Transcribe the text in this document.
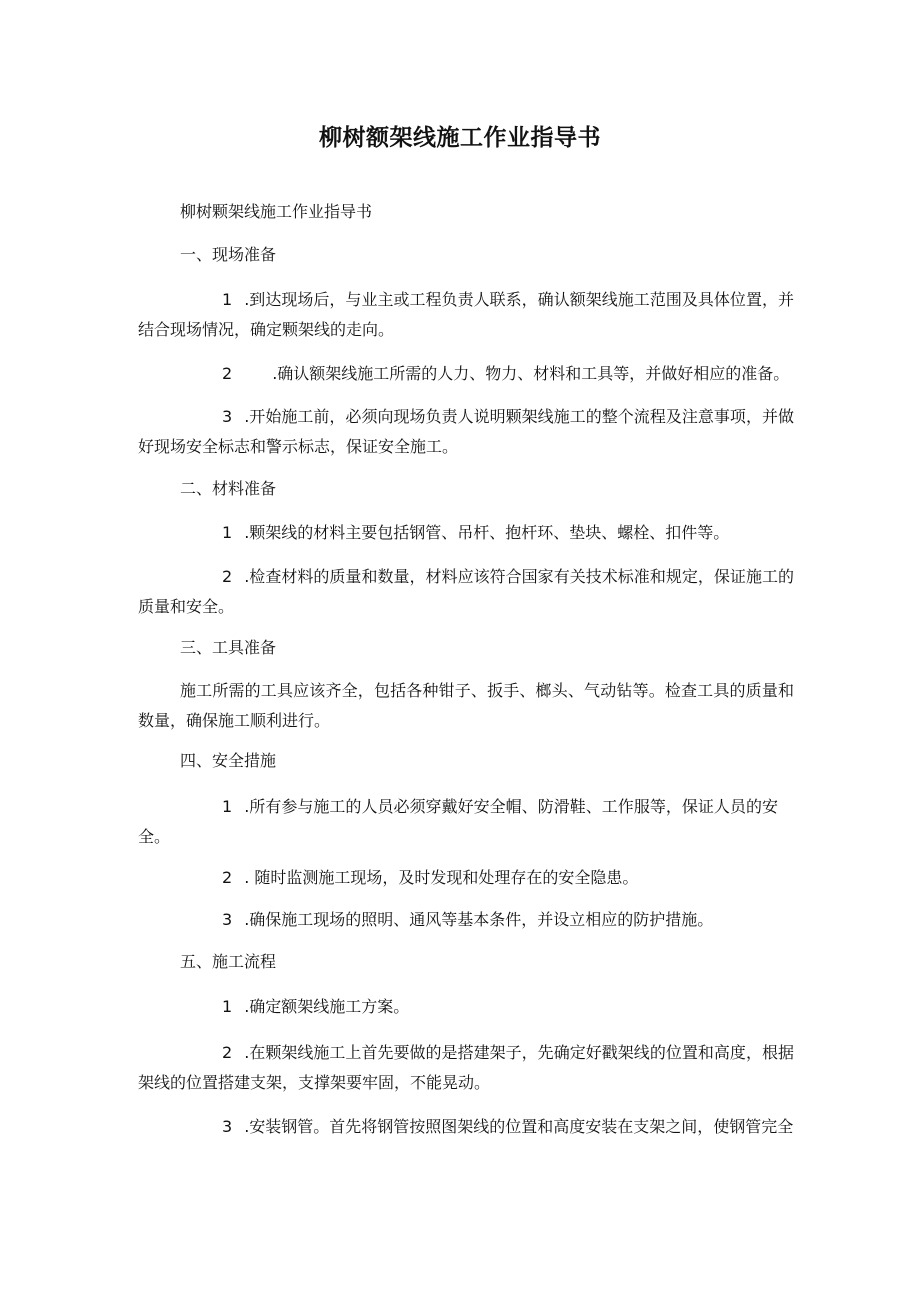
柳树额架线施工作业指导书
柳树颗架线施工作业指导书
一、现场准备
1 .到达现场后，与业主或工程负责人联系，确认额架线施工范围及具体位置，并结合现场情况，确定颗架线的走向。
2	.确认额架线施工所需的人力、物力、材料和工具等，并做好相应的准备。
3 .开始施工前，必须向现场负责人说明颗架线施工的整个流程及注意事项，并做好现场安全标志和警示标志，保证安全施工。
二、材料准备
1 .颗架线的材料主要包括钢管、吊杆、抱杆环、垫块、螺栓、扣件等。
2 .检查材料的质量和数量，材料应该符合国家有关技术标准和规定，保证施工的质量和安全。
三、工具准备
施工所需的工具应该齐全，包括各种钳子、扳手、榔头、气动钻等。检查工具的质量和数量，确保施工顺利进行。
四、安全措施
1 .所有参与施工的人员必须穿戴好安全帽、防滑鞋、工作服等，保证人员的安全。
2 . 随时监测施工现场，及时发现和处理存在的安全隐患。
3 .确保施工现场的照明、通风等基本条件，并设立相应的防护措施。
五、施工流程
1 .确定额架线施工方案。
2 .在颗架线施工上首先要做的是搭建架子，先确定好戳架线的位置和高度，根据架线的位置搭建支架，支撑架要牢固，不能晃动。
3 .安装钢管。首先将钢管按照图架线的位置和高度安装在支架之间，使钢管完全
